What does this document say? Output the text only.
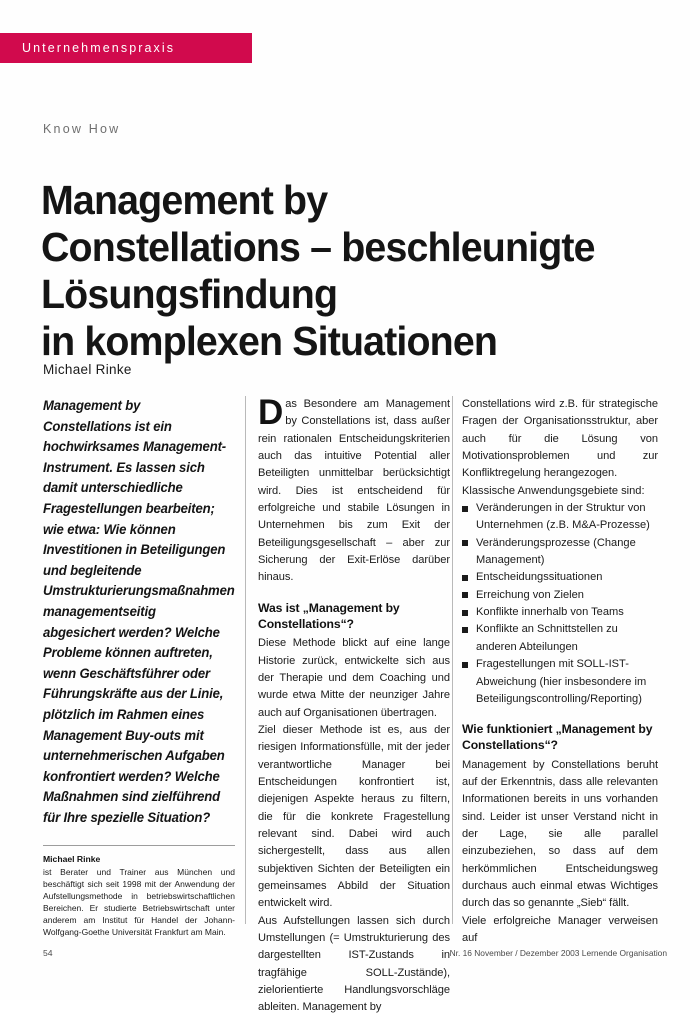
Unternehmenspraxis
Know How
Management by
Constellations – beschleunigte
Lösungsfindung
in komplexen Situationen
Michael Rinke

Management by Constellations ist ein hochwirksames Management-Instrument. Es lassen sich damit unterschiedliche Fragestellungen bearbeiten; wie etwa: Wie können Investitionen in Beteiligungen und begleitende Umstrukturierungsmaßnahmen managementseitig abgesichert werden? Welche Probleme können auftreten, wenn Geschäftsführer oder Führungskräfte aus der Linie, plötzlich im Rahmen eines Management Buy-outs mit unternehmerischen Aufgaben konfrontiert werden? Welche Maßnahmen sind zielführend für Ihre spezielle Situation?

Das Besondere am Management by Constellations ist, dass außer rein rationalen Entscheidungskriterien auch das intuitive Potential aller Beteiligten unmittelbar berücksichtigt wird. Dies ist entscheidend für erfolgreiche und stabile Lösungen in Unternehmen bis zum Exit der Beteiligungsgesellschaft – aber zur Sicherung der Exit-Erlöse darüber hinaus.

Was ist „Management by Constellations“?

Diese Methode blickt auf eine lange Historie zurück, entwickelte sich aus der Therapie und dem Coaching und wurde etwa Mitte der neunziger Jahre auch auf Organisationen übertragen.

Ziel dieser Methode ist es, aus der riesigen Informationsfülle, mit der jeder verantwortliche Manager bei Entscheidungen konfrontiert ist, diejenigen Aspekte heraus zu filtern, die für die konkrete Fragestellung relevant sind. Dabei wird auch sichergestellt, dass aus allen subjektiven Sichten der Beteiligten ein gemeinsames Abbild der Situation entwickelt wird.

Aus Aufstellungen lassen sich durch Umstellungen (= Umstrukturierung des dargestellten IST-Zustands in tragfähige SOLL-Zustände), zielorientierte Handlungsvorschläge ableiten. Management by

Constellations wird z.B. für strategische Fragen der Organisationsstruktur, aber auch für die Lösung von Motivationsproblemen und zur Konfliktregelung herangezogen.

Klassische Anwendungsgebiete sind:

Veränderungen in der Struktur von Unternehmen (z.B. M&A-Prozesse)
Veränderungsprozesse (Change Management)
Entscheidungssituationen
Erreichung von Zielen
Konflikte innerhalb von Teams
Konflikte an Schnittstellen zu anderen Abteilungen
Fragestellungen mit SOLL-IST-Abweichung (hier insbesondere im Beteiligungscontrolling/Reporting)
Wie funktioniert „Management by Constellations“?

Management by Constellations beruht auf der Erkenntnis, dass alle relevanten Informationen bereits in uns vorhanden sind. Leider ist unser Verstand nicht in der Lage, sie alle parallel einzubeziehen, so dass auf dem herkömmlichen Entscheidungsweg durchaus auch einmal etwas Wichtiges durch das so genannte „Sieb“ fällt.

Viele erfolgreiche Manager verweisen auf

Michael Rinke
ist Berater und Trainer aus München und beschäftigt sich seit 1998 mit der Anwendung der Aufstellungsmethode in betriebswirtschaftlichen Bereichen. Er studierte Betriebswirtschaft unter anderem am Institut für Handel der Johann-Wolfgang-Goethe Universität Frankfurt am Main.
54	Nr. 16 November / Dezember 2003 Lernende Organisation
